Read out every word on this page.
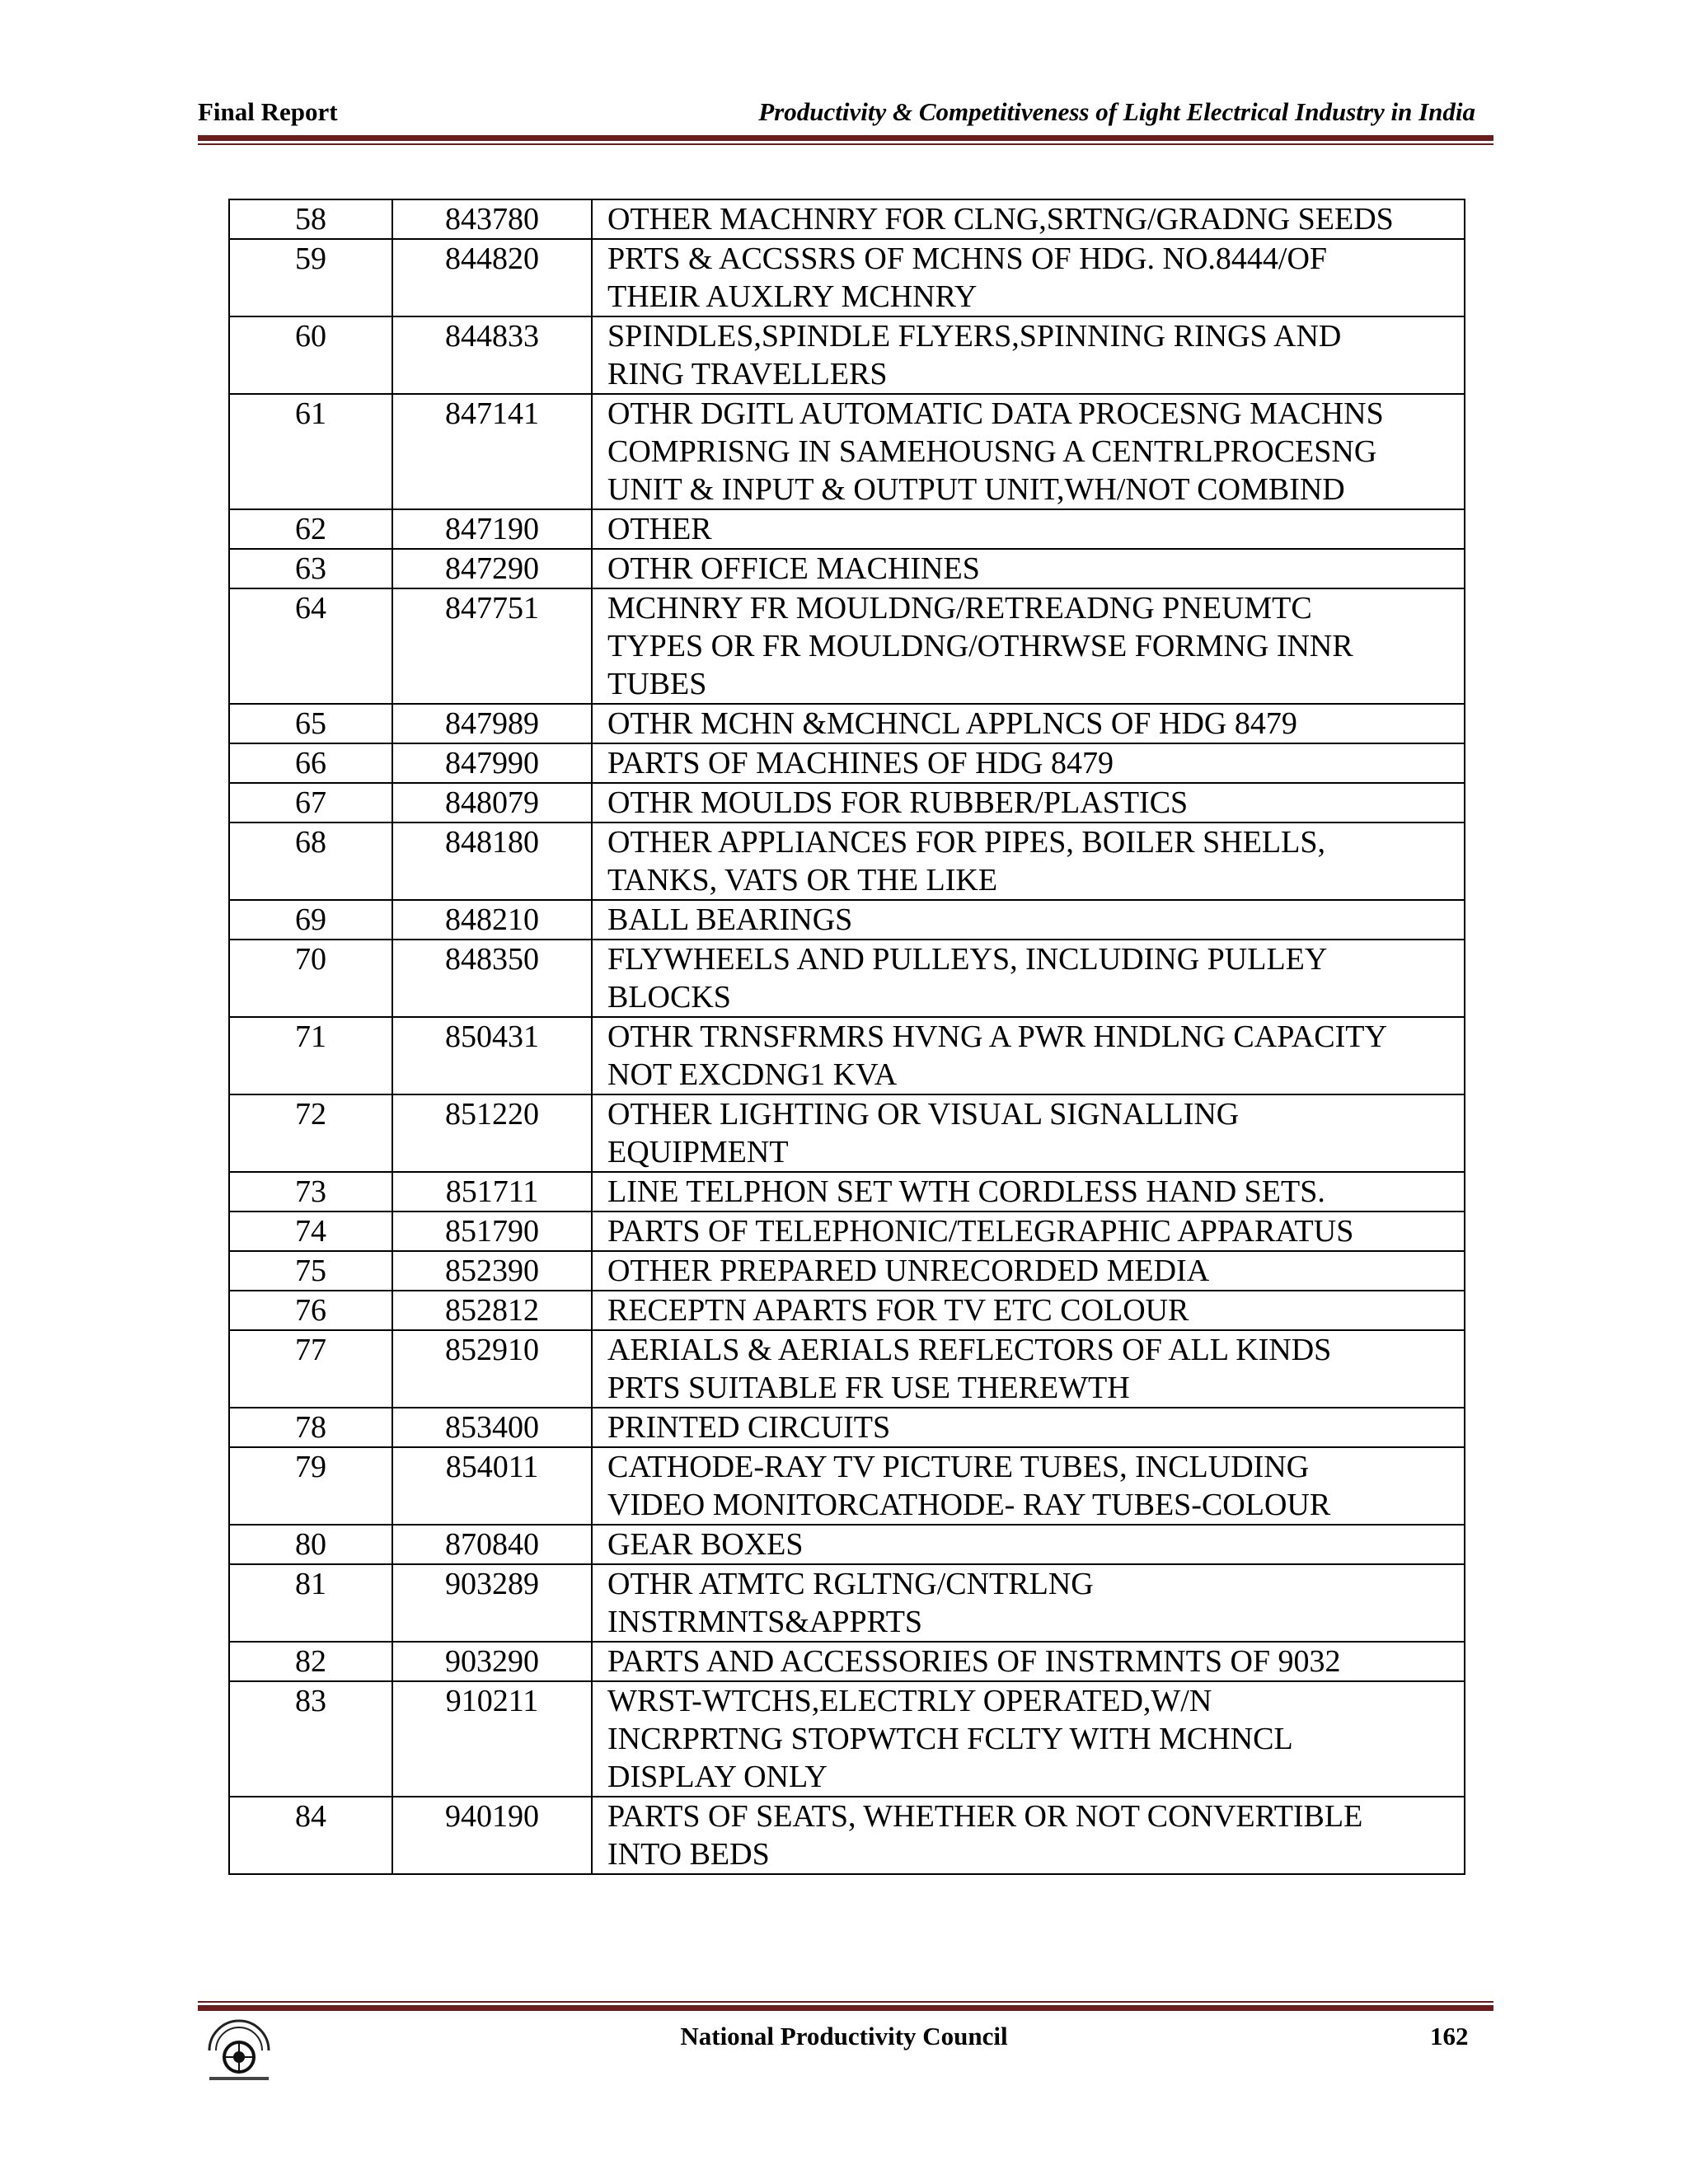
Final Report	Productivity & Competitiveness of Light Electrical Industry in India
58	843780	OTHER MACHNRY FOR CLNG,SRTNG/GRADNG SEEDS

59	844820	PRTS & ACCSSRS OF MCHNS OF HDG. NO.8444/OF
THEIR AUXLRY MCHNRY

60	844833	SPINDLES,SPINDLE FLYERS,SPINNING RINGS AND
RING TRAVELLERS

61	847141	OTHR DGITL AUTOMATIC DATA PROCESNG MACHNS
COMPRISNG IN SAMEHOUSNG A CENTRLPROCESNG
UNIT & INPUT & OUTPUT UNIT,WH/NOT COMBIND

62	847190	OTHER

63	847290	OTHR OFFICE MACHINES

64	847751	MCHNRY FR MOULDNG/RETREADNG PNEUMTC
TYPES OR FR MOULDNG/OTHRWSE FORMNG INNR
TUBES

65	847989	OTHR MCHN &MCHNCL APPLNCS OF HDG 8479

66	847990	PARTS OF MACHINES OF HDG 8479

67	848079	OTHR MOULDS FOR RUBBER/PLASTICS

68	848180	OTHER APPLIANCES FOR PIPES, BOILER SHELLS,
TANKS, VATS OR THE LIKE

69	848210	BALL BEARINGS

70	848350	FLYWHEELS AND PULLEYS, INCLUDING PULLEY
BLOCKS

71	850431	OTHR TRNSFRMRS HVNG A PWR HNDLNG CAPACITY
NOT EXCDNG1 KVA

72	851220	OTHER LIGHTING OR VISUAL SIGNALLING
EQUIPMENT

73	851711	LINE TELPHON SET WTH CORDLESS HAND SETS.

74	851790	PARTS OF TELEPHONIC/TELEGRAPHIC APPARATUS

75	852390	OTHER PREPARED UNRECORDED MEDIA

76	852812	RECEPTN APARTS FOR TV ETC COLOUR

77	852910	AERIALS & AERIALS REFLECTORS OF ALL KINDS
PRTS SUITABLE FR USE THEREWTH

78	853400	PRINTED CIRCUITS

79	854011	CATHODE-RAY TV PICTURE TUBES, INCLUDING
VIDEO MONITORCATHODE- RAY TUBES-COLOUR

80	870840	GEAR BOXES

81	903289	OTHR ATMTC RGLTNG/CNTRLNG
INSTRMNTS&APPRTS

82	903290	PARTS AND ACCESSORIES OF INSTRMNTS OF 9032

83	910211	WRST-WTCHS,ELECTRLY OPERATED,W/N
INCRPRTNG STOPWTCH FCLTY WITH MCHNCL
DISPLAY ONLY

84	940190	PARTS OF SEATS, WHETHER OR NOT CONVERTIBLE
INTO BEDS
National Productivity Council	162
